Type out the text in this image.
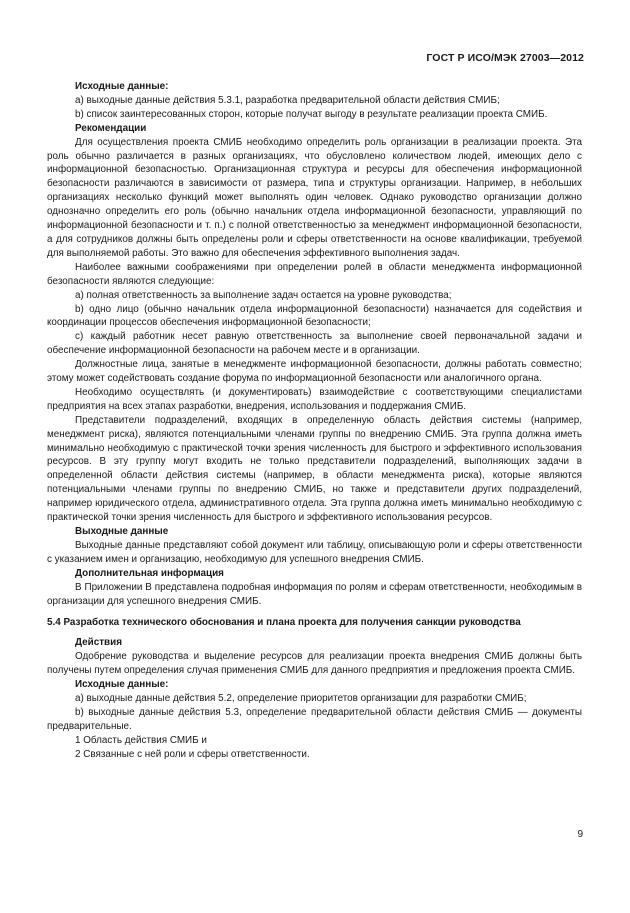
ГОСТ Р ИСО/МЭК 27003—2012

Исходные данные:

а) выходные данные действия 5.3.1, разработка предварительной области действия СМИБ;

b) список заинтересованных сторон, которые получат выгоду в результате реализации проекта СМИБ.

Рекомендации

Для осуществления проекта СМИБ необходимо определить роль организации в реализации проекта. Эта роль обычно различается в разных организациях, что обусловлено количеством людей, имеющих дело с информационной безопасностью. Организационная структура и ресурсы для обеспечения информационной безопасности различаются в зависимости от размера, типа и структуры организации. Например, в небольших организациях несколько функций может выполнять один человек. Однако руководство организации должно однозначно определить его роль (обычно начальник отдела информационной безопасности, управляющий по информационной безопасности и т. п.) с полной ответственностью за менеджмент информационной безопасности, а для сотрудников должны быть определены роли и сферы ответственности на основе квалификации, требуемой для выполняемой работы. Это важно для обеспечения эффективного выполнения задач.

Наиболее важными соображениями при определении ролей в области менеджмента информационной безопасности являются следующие:

а) полная ответственность за выполнение задач остается на уровне руководства;

b) одно лицо (обычно начальник отдела информационной безопасности) назначается для содействия и координации процессов обеспечения информационной безопасности;

с) каждый работник несет равную ответственность за выполнение своей первоначальной задачи и обеспечение информационной безопасности на рабочем месте и в организации.

Должностные лица, занятые в менеджменте информационной безопасности, должны работать совместно; этому может содействовать создание форума по информационной безопасности или аналогичного органа.

Необходимо осуществлять (и документировать) взаимодействие с соответствующими специалистами предприятия на всех этапах разработки, внедрения, использования и поддержания СМИБ.

Представители подразделений, входящих в определенную область действия системы (например, менеджмент риска), являются потенциальными членами группы по внедрению СМИБ. Эта группа должна иметь минимально необходимую с практической точки зрения численность для быстрого и эффективного использования ресурсов. В эту группу могут входить не только представители подразделений, выполняющих задачи в определенной области действия системы (например, в области менеджмента риска), которые являются потенциальными членами группы по внедрению СМИБ, но также и представители других подразделений, например юридического отдела, административного отдела. Эта группа должна иметь минимально необходимую с практической точки зрения численность для быстрого и эффективного использования ресурсов.

Выходные данные

Выходные данные представляют собой документ или таблицу, описывающую роли и сферы ответственности с указанием имен и организацию, необходимую для успешного внедрения СМИБ.

Дополнительная информация

В Приложении В представлена подробная информация по ролям и сферам ответственности, необходимым в организации для успешного внедрения СМИБ.

5.4 Разработка технического обоснования и плана проекта для получения санкции руководства

Действия

Одобрение руководства и выделение ресурсов для реализации проекта внедрения СМИБ должны быть получены путем определения случая применения СМИБ для данного предприятия и предложения проекта СМИБ.

Исходные данные:

а) выходные данные действия 5.2, определение приоритетов организации для разработки СМИБ;

b) выходные данные действия 5.3, определение предварительной области действия СМИБ — документы предварительные.

1 Область действия СМИБ и

2 Связанные с ней роли и сферы ответственности.

9
